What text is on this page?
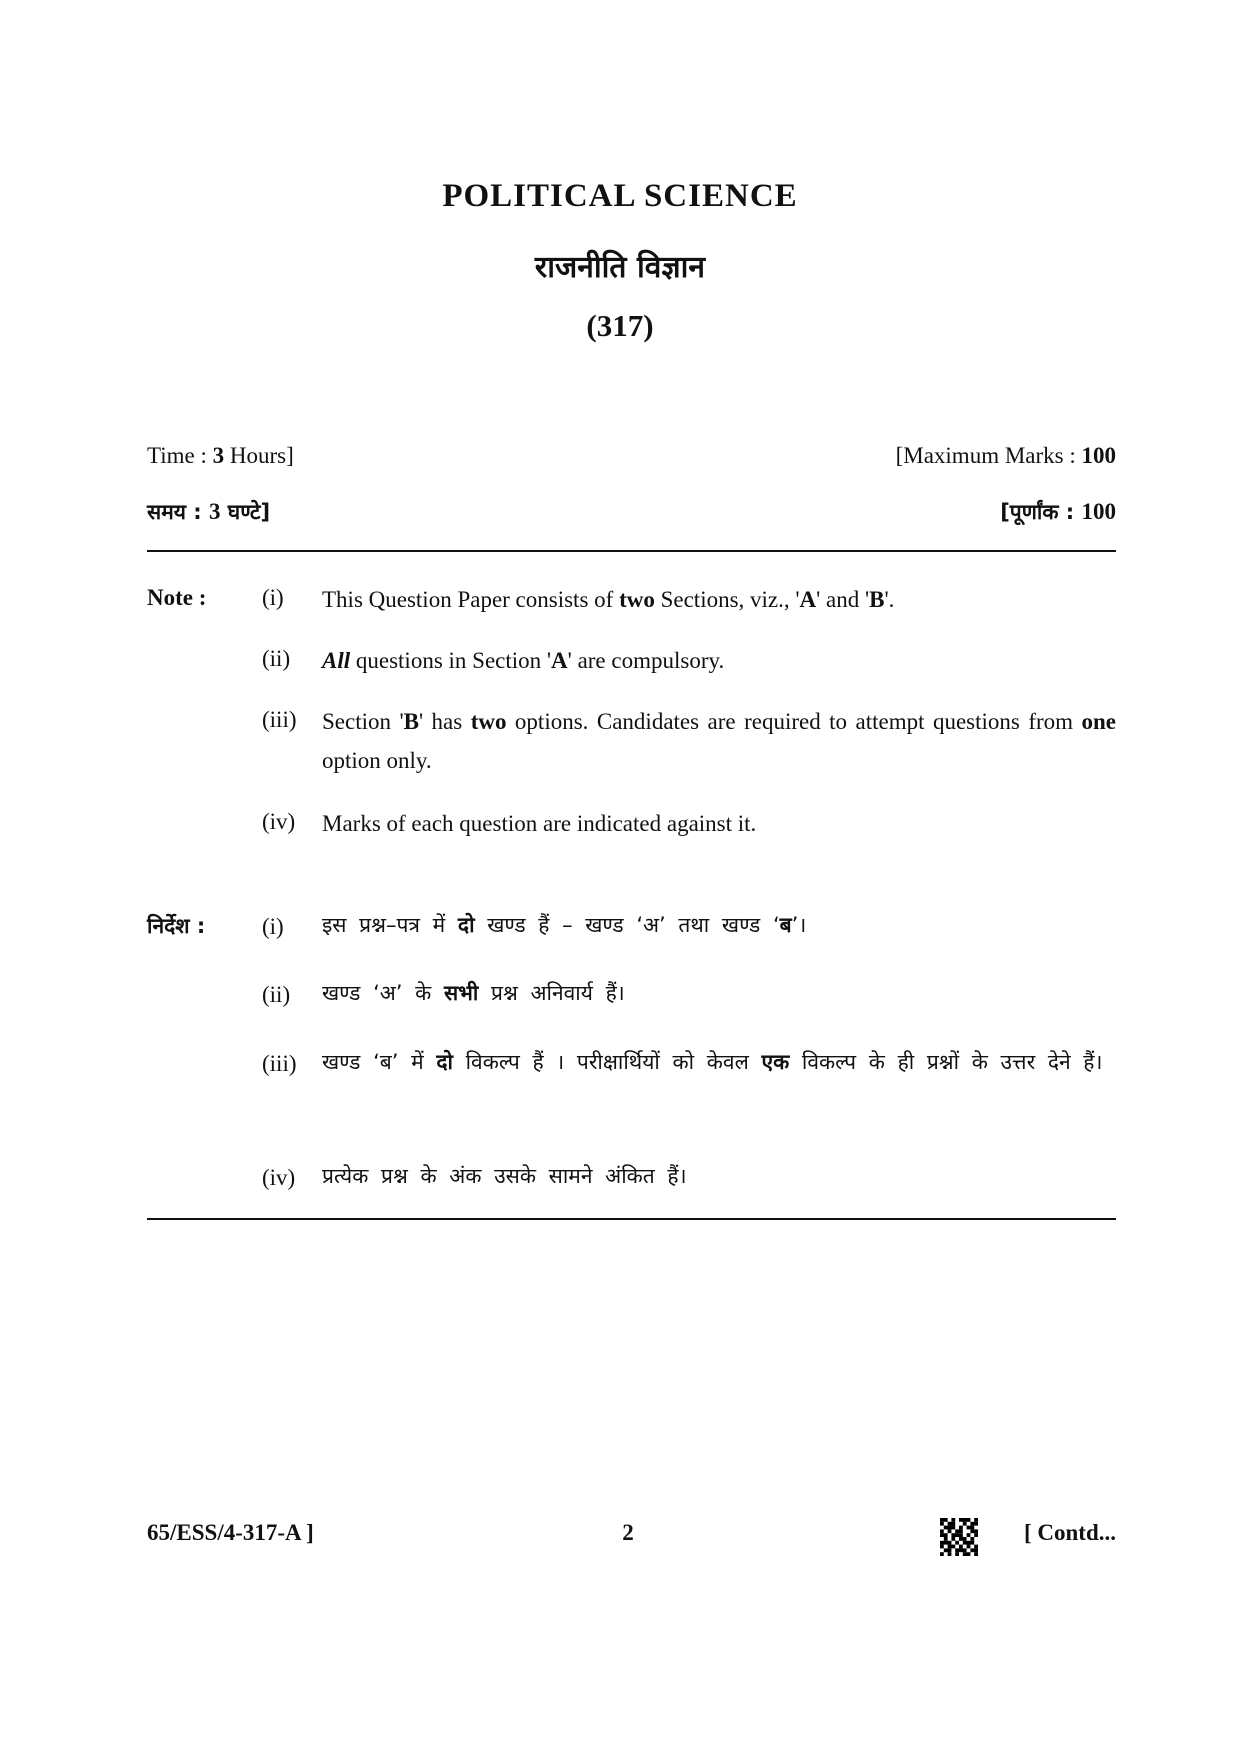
POLITICAL SCIENCE
राजनीति विज्ञान
(317)
Time : 3 Hours]	[Maximum Marks : 100
समय : 3 घण्टे]	[पूर्णांक : 100
Note : (i) This Question Paper consists of two Sections, viz., 'A' and 'B'.
(ii) All questions in Section 'A' are compulsory.
(iii) Section 'B' has two options. Candidates are required to attempt questions from one option only.
(iv) Marks of each question are indicated against it.
निर्देश : (i) इस प्रश्न–पत्र में दो खण्ड हैं – खण्ड ‘अ’ तथा खण्ड ‘ब’।
(ii) खण्ड ‘अ’ के सभी प्रश्न अनिवार्य हैं।
(iii) खण्ड ‘ब’ में दो विकल्प हैं । परीक्षार्थियों को केवल एक विकल्प के ही प्रश्नों के उत्तर देने हैं।
(iv) प्रत्येक प्रश्न के अंक उसके सामने अंकित हैं।
65/ESS/4-317-A ]	2	[ Contd...
